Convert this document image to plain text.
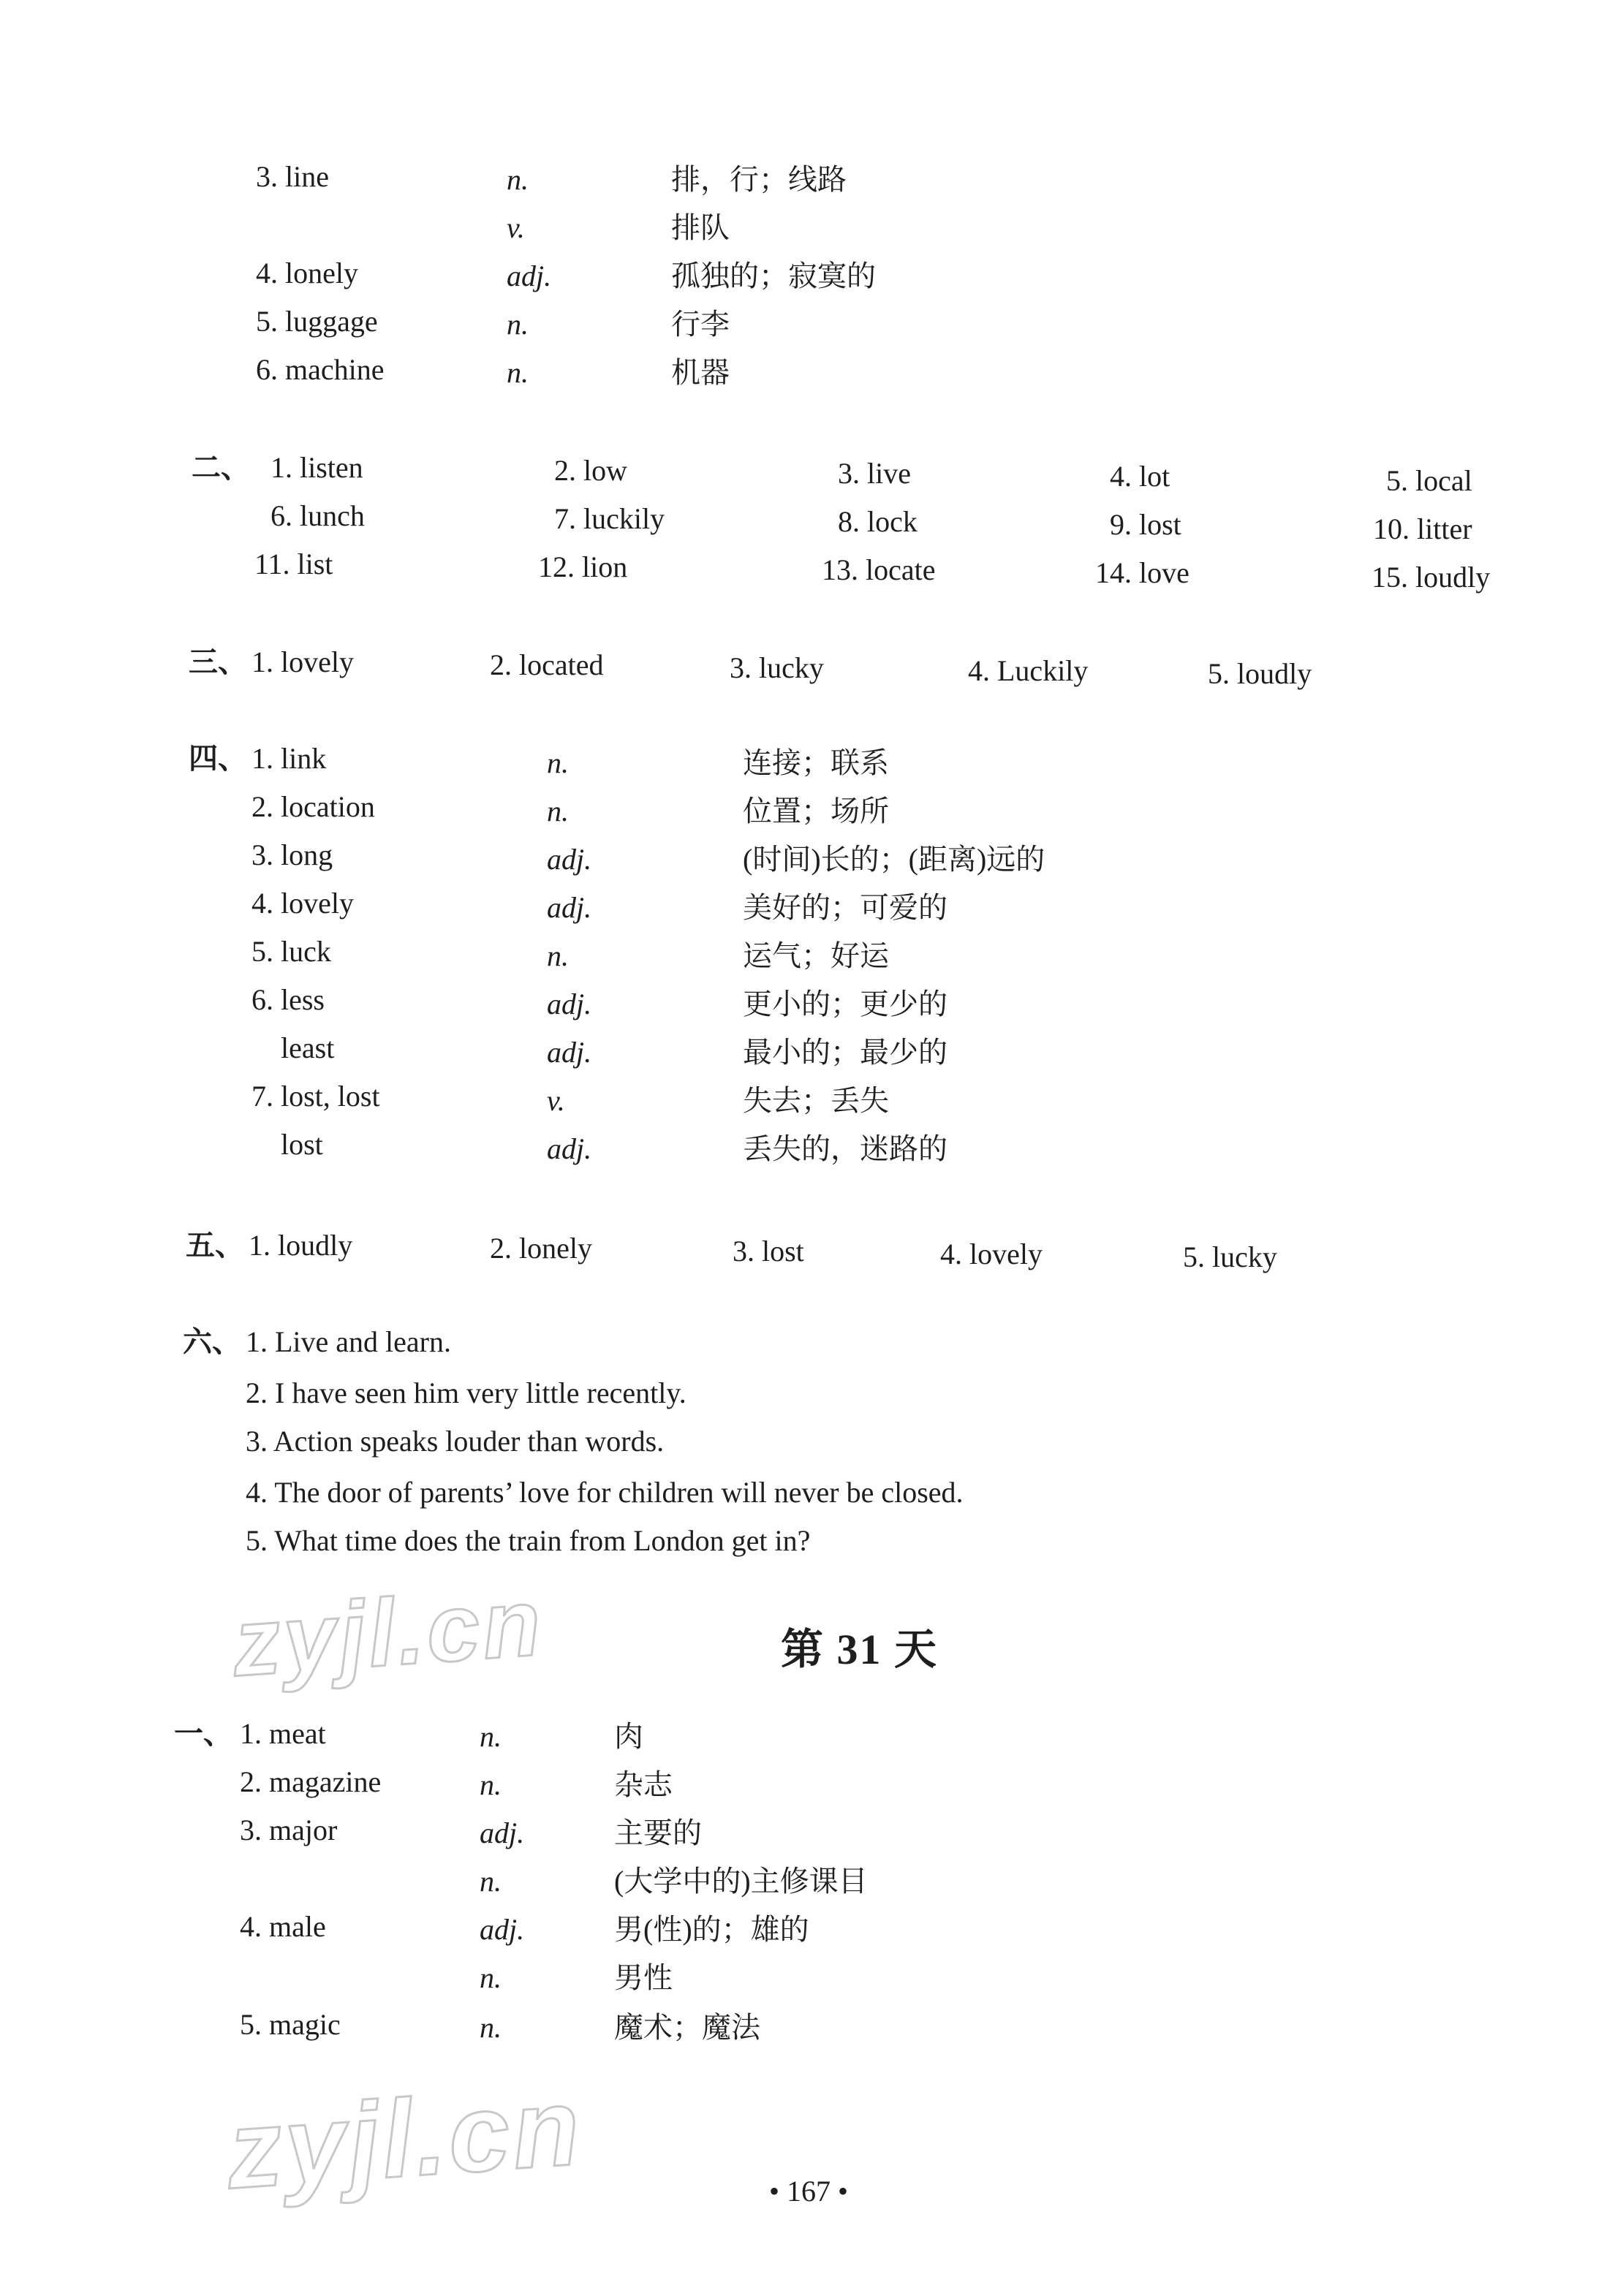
3. line	n.	排，行；线路
v.	排队
4. lonely	adj.	孤独的；寂寞的
5. luggage	n.	行李
6. machine	n.	机器
二、 1. listen	2. low	3. live	4. lot	5. local
6. lunch	7. luckily	8. lock	9. lost	10. litter
11. list	12. lion	13. locate	14. love	15. loudly
三、 1. lovely	2. located	3. lucky	4. Luckily	5. loudly
四、 1. link	n.	连接；联系
2. location	n.	位置；场所
3. long	adj.	(时间)长的；(距离)远的
4. lovely	adj.	美好的；可爱的
5. luck	n.	运气；好运
6. less	adj.	更小的；更少的
least	adj.	最小的；最少的
7. lost, lost	v.	失去；丢失
lost	adj.	丢失的，迷路的
五、 1. loudly	2. lonely	3. lost	4. lovely	5. lucky
六、 1. Live and learn.
2. I have seen him very little recently.
3. Action speaks louder than words.
4. The door of parents’ love for children will never be closed.
5. What time does the train from London get in?
zyjl.cn	第 31 天
一、 1. meat	n.	肉
2. magazine	n.	杂志
3. major	adj.	主要的
n.	(大学中的)主修课目
4. male	adj.	男(性)的；雄的
n.	男性
5. magic	n.	魔术；魔法
zyjl.cn	• 167 •
